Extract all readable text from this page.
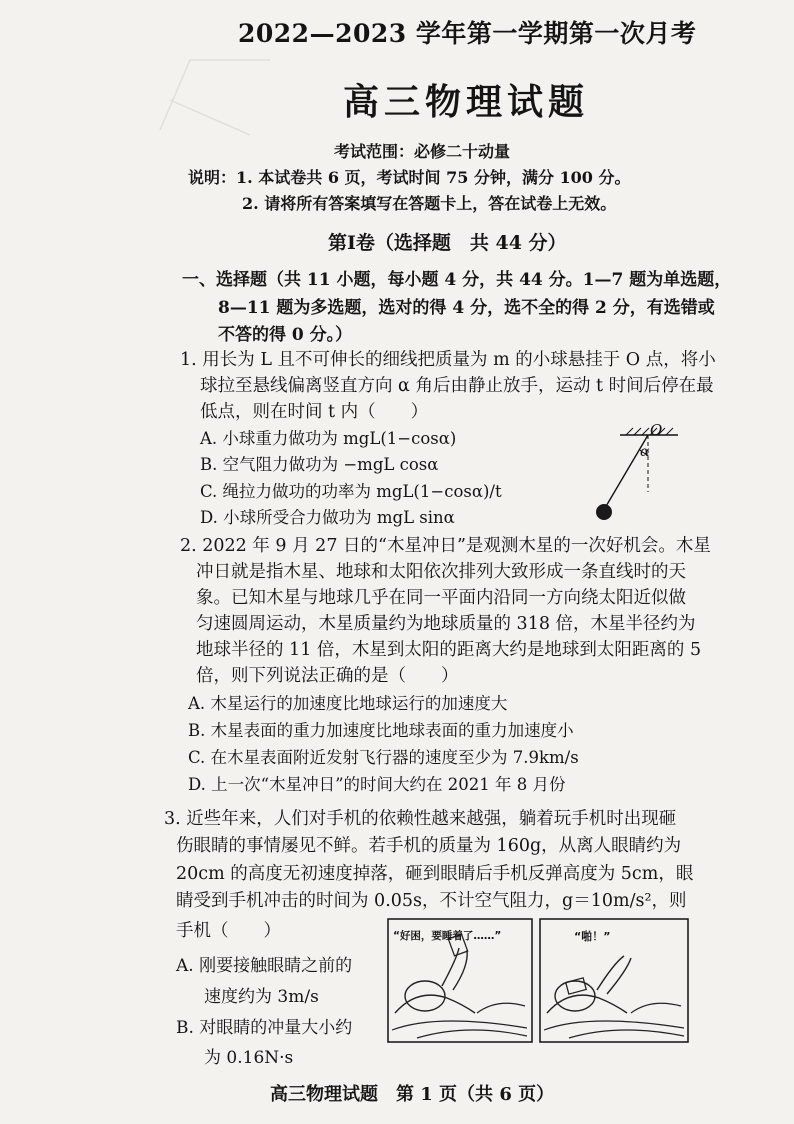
2022—2023 学年第一学期第一次月考
高三物理试题
考试范围：必修二十动量
说明：1. 本试卷共 6 页，考试时间 75 分钟，满分 100 分。
2. 请将所有答案填写在答题卡上，答在试卷上无效。
第Ⅰ卷（选择题　共 44 分）
一、选择题（共 11 小题，每小题 4 分，共 44 分。1—7 题为单选题，
8—11 题为多选题，选对的得 4 分，选不全的得 2 分，有选错或
不答的得 0 分。）
1. 用长为 L 且不可伸长的细线把质量为 m 的小球悬挂于 O 点，将小
球拉至悬线偏离竖直方向 α 角后由静止放手，运动 t 时间后停在最
低点，则在时间 t 内（　　）
A. 小球重力做功为 mgL(1−cosα)
B. 空气阻力做功为 −mgL cosα
C. 绳拉力做功的功率为 mgL(1−cosα)/t
D. 小球所受合力做功为 mgL sinα
O
α
2. 2022 年 9 月 27 日的“木星冲日”是观测木星的一次好机会。木星
冲日就是指木星、地球和太阳依次排列大致形成一条直线时的天
象。已知木星与地球几乎在同一平面内沿同一方向绕太阳近似做
匀速圆周运动，木星质量约为地球质量的 318 倍，木星半径约为
地球半径的 11 倍，木星到太阳的距离大约是地球到太阳距离的 5
倍，则下列说法正确的是（　　）
A. 木星运行的加速度比地球运行的加速度大
B. 木星表面的重力加速度比地球表面的重力加速度小
C. 在木星表面附近发射飞行器的速度至少为 7.9km/s
D. 上一次“木星冲日”的时间大约在 2021 年 8 月份
3. 近些年来，人们对手机的依赖性越来越强，躺着玩手机时出现砸
伤眼睛的事情屡见不鲜。若手机的质量为 160g，从离人眼睛约为
20cm 的高度无初速度掉落，砸到眼睛后手机反弹高度为 5cm，眼
睛受到手机冲击的时间为 0.05s，不计空气阻力，g＝10m/s²，则
手机（　　）
A. 刚要接触眼睛之前的
速度约为 3m/s
B. 对眼睛的冲量大小约
为 0.16N·s
“好困，要睡着了……”	“啪！”
高三物理试题　第 1 页（共 6 页）
